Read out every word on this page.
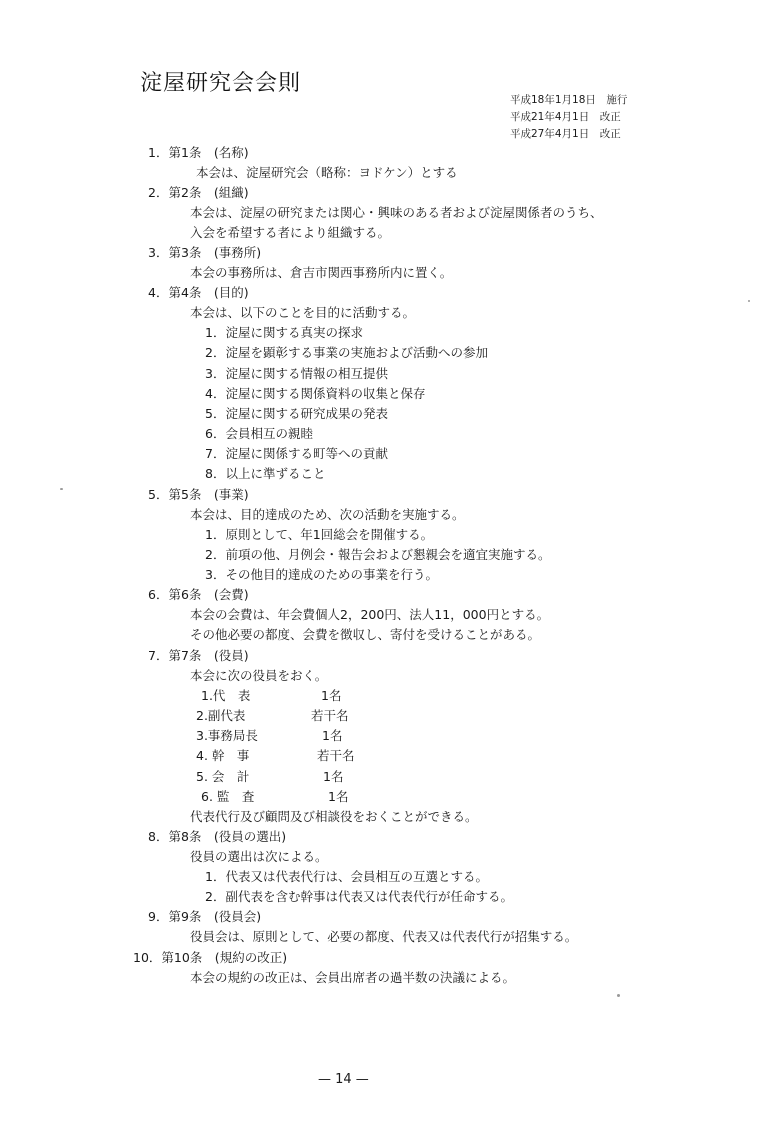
淀屋研究会会則
平成18年1月18日　施行
平成21年4月1日　改正
平成27年4月1日　改正
1．第1条　(名称)
本会は、淀屋研究会（略称：ヨドケン）とする
2．第2条　(組織)
本会は、淀屋の研究または関心・興味のある者および淀屋関係者のうち、
入会を希望する者により組織する。
3．第3条　(事務所)
本会の事務所は、倉吉市関西事務所内に置く。
4．第4条　(目的)
本会は、以下のことを目的に活動する。
1．淀屋に関する真実の探求
2．淀屋を顕彰する事業の実施および活動への参加
3．淀屋に関する情報の相互提供
4．淀屋に関する関係資料の収集と保存
5．淀屋に関する研究成果の発表
6．会員相互の親睦
7．淀屋に関係する町等への貢献
8．以上に準ずること
5．第5条　(事業)
本会は、目的達成のため、次の活動を実施する。
1．原則として、年1回総会を開催する。
2．前項の他、月例会・報告会および懇親会を適宜実施する。
3．その他目的達成のための事業を行う。
6．第6条　(会費)
本会の会費は、年会費個人2，200円、法人11，000円とする。
その他必要の都度、会費を徴収し、寄付を受けることがある。
7．第7条　(役員)
本会に次の役員をおく。
1.代　表
2.副代表
3.事務局長
4. 幹　事
5. 会　計
6. 監　査
代表代行及び顧問及び相談役をおくことができる。
8．第8条　(役員の選出)
役員の選出は次による。
1．代表又は代表代行は、会員相互の互選とする。
2．副代表を含む幹事は代表又は代表代行が任命する。
9．第9条　(役員会)
役員会は、原則として、必要の都度、代表又は代表代行が招集する。
10．第10条　(規約の改正)
本会の規約の改正は、会員出席者の過半数の決議による。
1名
若干名
1名
若干名
1名
1名
— 14 —
